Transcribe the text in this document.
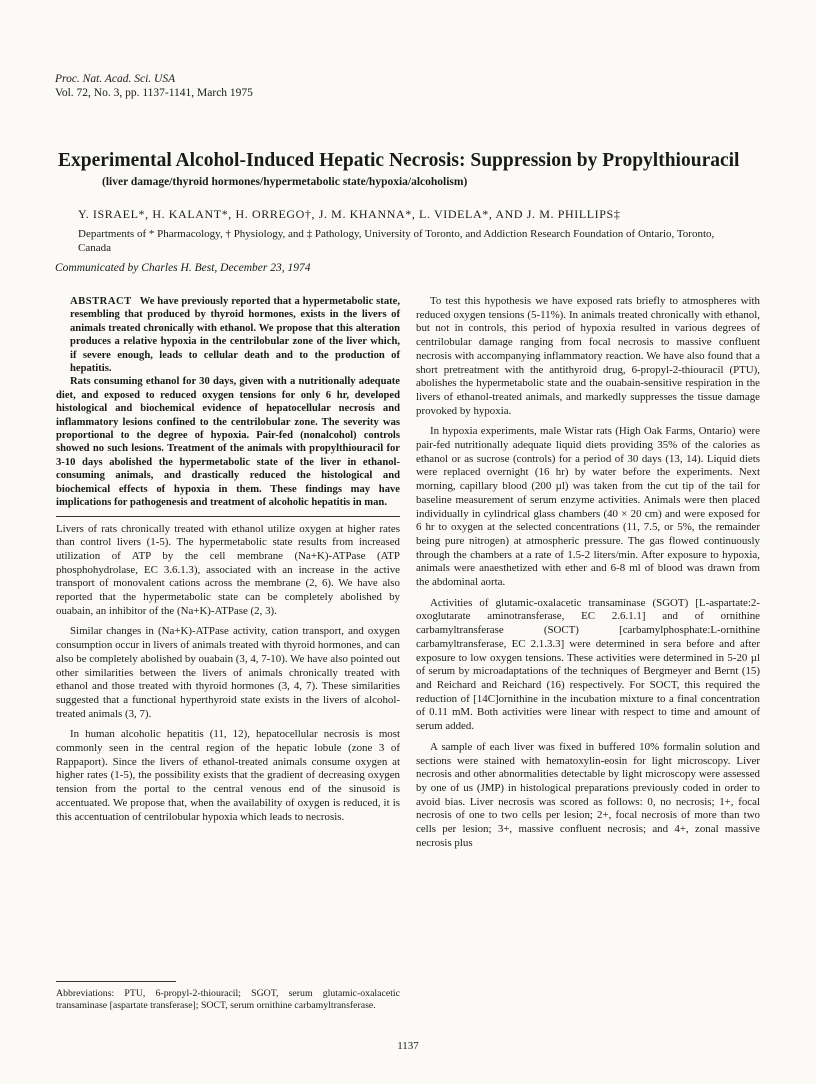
Proc. Nat. Acad. Sci. USA
Vol. 72, No. 3, pp. 1137-1141, March 1975
Experimental Alcohol-Induced Hepatic Necrosis: Suppression by Propylthiouracil
(liver damage/thyroid hormones/hypermetabolic state/hypoxia/alcoholism)
Y. ISRAEL*, H. KALANT*, H. ORREGO†, J. M. KHANNA*, L. VIDELA*, AND J. M. PHILLIPS‡
Departments of * Pharmacology, † Physiology, and ‡ Pathology, University of Toronto, and Addiction Research Foundation of Ontario, Toronto, Canada
Communicated by Charles H. Best, December 23, 1974

ABSTRACT We have previously reported that a hypermetabolic state, resembling that produced by thyroid hormones, exists in the livers of animals treated chronically with ethanol. We propose that this alteration produces a relative hypoxia in the centrilobular zone of the liver which, if severe enough, leads to cellular death and to the production of hepatitis.

Rats consuming ethanol for 30 days, given with a nutritionally adequate diet, and exposed to reduced oxygen tensions for only 6 hr, developed histological and biochemical evidence of hepatocellular necrosis and inflammatory lesions confined to the centrilobular zone. The severity was proportional to the degree of hypoxia. Pair-fed (nonalcohol) controls showed no such lesions. Treatment of the animals with propylthiouracil for 3-10 days abolished the hypermetabolic state of the liver in ethanol-consuming animals, and drastically reduced the histological and biochemical effects of hypoxia in them. These findings may have implications for pathogenesis and treatment of alcoholic hepatitis in man.

Livers of rats chronically treated with ethanol utilize oxygen at higher rates than control livers (1-5). The hypermetabolic state results from increased utilization of ATP by the cell membrane (Na+K)-ATPase (ATP phosphohydrolase, EC 3.6.1.3), associated with an increase in the active transport of monovalent cations across the membrane (2, 6). We have also reported that the hypermetabolic state can be completely abolished by ouabain, an inhibitor of the (Na+K)-ATPase (2, 3).

Similar changes in (Na+K)-ATPase activity, cation transport, and oxygen consumption occur in livers of animals treated with thyroid hormones, and can also be completely abolished by ouabain (3, 4, 7-10). We have also pointed out other similarities between the livers of animals chronically treated with ethanol and those treated with thyroid hormones (3, 4, 7). These similarities suggested that a functional hyperthyroid state exists in the livers of alcohol-treated animals (3, 7).

In human alcoholic hepatitis (11, 12), hepatocellular necrosis is most commonly seen in the central region of the hepatic lobule (zone 3 of Rappaport). Since the livers of ethanol-treated animals consume oxygen at higher rates (1-5), the possibility exists that the gradient of decreasing oxygen tension from the portal to the central venous end of the sinusoid is accentuated. We propose that, when the availability of oxygen is reduced, it is this accentuation of centrilobular hypoxia which leads to necrosis.

To test this hypothesis we have exposed rats briefly to atmospheres with reduced oxygen tensions (5-11%). In animals treated chronically with ethanol, but not in controls, this period of hypoxia resulted in various degrees of centrilobular damage ranging from focal necrosis to massive confluent necrosis with accompanying inflammatory reaction. We have also found that a short pretreatment with the antithyroid drug, 6-propyl-2-thiouracil (PTU), abolishes the hypermetabolic state and the ouabain-sensitive respiration in the livers of ethanol-treated animals, and markedly suppresses the tissue damage provoked by hypoxia.

In hypoxia experiments, male Wistar rats (High Oak Farms, Ontario) were pair-fed nutritionally adequate liquid diets providing 35% of the calories as ethanol or as sucrose (controls) for a period of 30 days (13, 14). Liquid diets were replaced overnight (16 hr) by water before the experiments. Next morning, capillary blood (200 µl) was taken from the cut tip of the tail for baseline measurement of serum enzyme activities. Animals were then placed individually in cylindrical glass chambers (40 × 20 cm) and were exposed for 6 hr to oxygen at the selected concentrations (11, 7.5, or 5%, the remainder being pure nitrogen) at atmospheric pressure. The gas flowed continuously through the chambers at a rate of 1.5-2 liters/min. After exposure to hypoxia, animals were anaesthetized with ether and 6-8 ml of blood was drawn from the abdominal aorta.

Activities of glutamic-oxalacetic transaminase (SGOT) [L-aspartate:2-oxoglutarate aminotransferase, EC 2.6.1.1] and of ornithine carbamyltransferase (SOCT) [carbamylphosphate:L-ornithine carbamyltransferase, EC 2.1.3.3] were determined in sera before and after exposure to low oxygen tensions. These activities were determined in 5-20 µl of serum by microadaptations of the techniques of Bergmeyer and Bernt (15) and Reichard and Reichard (16) respectively. For SOCT, this required the reduction of [14C]ornithine in the incubation mixture to a final concentration of 0.11 mM. Both activities were linear with respect to time and amount of serum added.

A sample of each liver was fixed in buffered 10% formalin solution and sections were stained with hematoxylin-eosin for light microscopy. Liver necrosis and other abnormalities detectable by light microscopy were assessed by one of us (JMP) in histological preparations previously coded in order to avoid bias. Liver necrosis was scored as follows: 0, no necrosis; 1+, focal necrosis of one to two cells per lesion; 2+, focal necrosis of more than two cells per lesion; 3+, massive confluent necrosis; and 4+, zonal massive necrosis plus

Abbreviations: PTU, 6-propyl-2-thiouracil; SGOT, serum glutamic-oxalacetic transaminase [aspartate transferase]; SOCT, serum ornithine carbamyltransferase.
1137
